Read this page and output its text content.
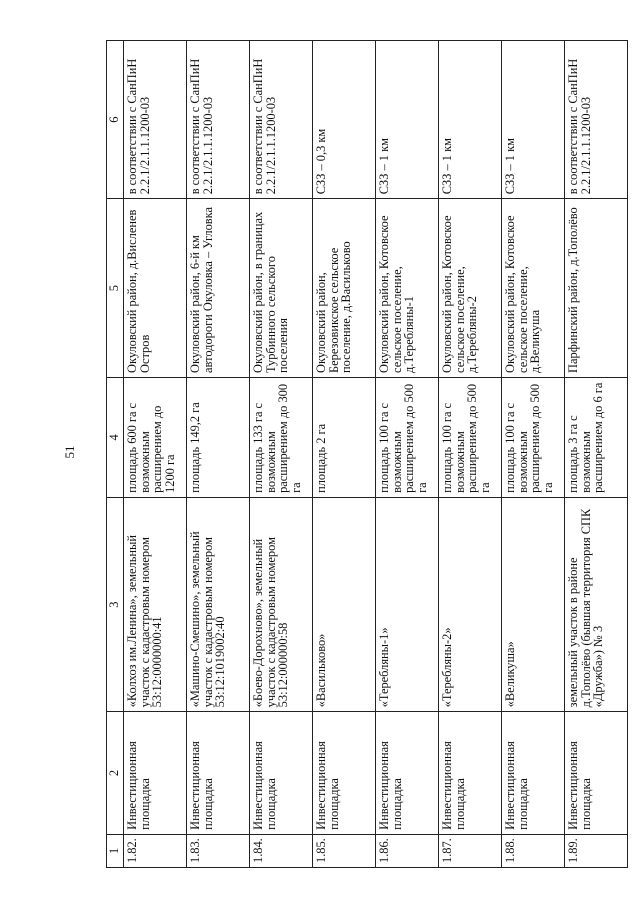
51
1	2	3	4	5	6
1.82.	Инвестиционная площадка	«Колхоз им.Ленина», земельный участок с кадастровым номером 53:12:0000000:41	площадь 600 га с возможным расширением до 1200 га	Окуловский район, д.Висленев Остров	в соответствии с СанПиН 2.2.1/2.1.1.1200-03
1.83.	Инвестиционная площадка	«Машино-Смешино», земельный участок с кадастровым номером 53:12:1019002:40	площадь 149,2 га	Окуловский район, 6-й км автодороги Окуловка – Угловка	в соответствии с СанПиН 2.2.1/2.1.1.1200-03
1.84.	Инвестиционная площадка	«Боево-Дорохново», земельный участок с кадастровым номером 53:12:000000:58	площадь 133 га с возможным расширением до 300 га	Окуловский район, в границах Турбинного сельского поселения	в соответствии с СанПиН 2.2.1/2.1.1.1200-03
1.85.	Инвестиционная площадка	«Васильково»	площадь 2 га	Окуловский район, Березовикское сельское поселение, д.Васильково	СЗЗ – 0,3 км
1.86.	Инвестиционная площадка	«Теребляны-1»	площадь 100 га с возможным расширением до 500 га	Окуловский район, Котовское сельское поселение, д.Теребляны-1	СЗЗ – 1 км
1.87.	Инвестиционная площадка	«Теребляны-2»	площадь 100 га с возможным расширением до 500 га	Окуловский район, Котовское сельское поселение, д.Теребляны-2	СЗЗ – 1 км
1.88.	Инвестиционная площадка	«Великуша»	площадь 100 га с возможным расширением до 500 га	Окуловский район, Котовское сельское поселение, д.Великуша	СЗЗ – 1 км
1.89.	Инвестиционная площадка	земельный участок в районе д.Тополёво (бывшая территория СПК «Дружба») № 3	площадь 3 га с возможным расширением до 6 га	Парфинский район, д.Тополёво	в соответствии с СанПиН 2.2.1/2.1.1.1200-03
